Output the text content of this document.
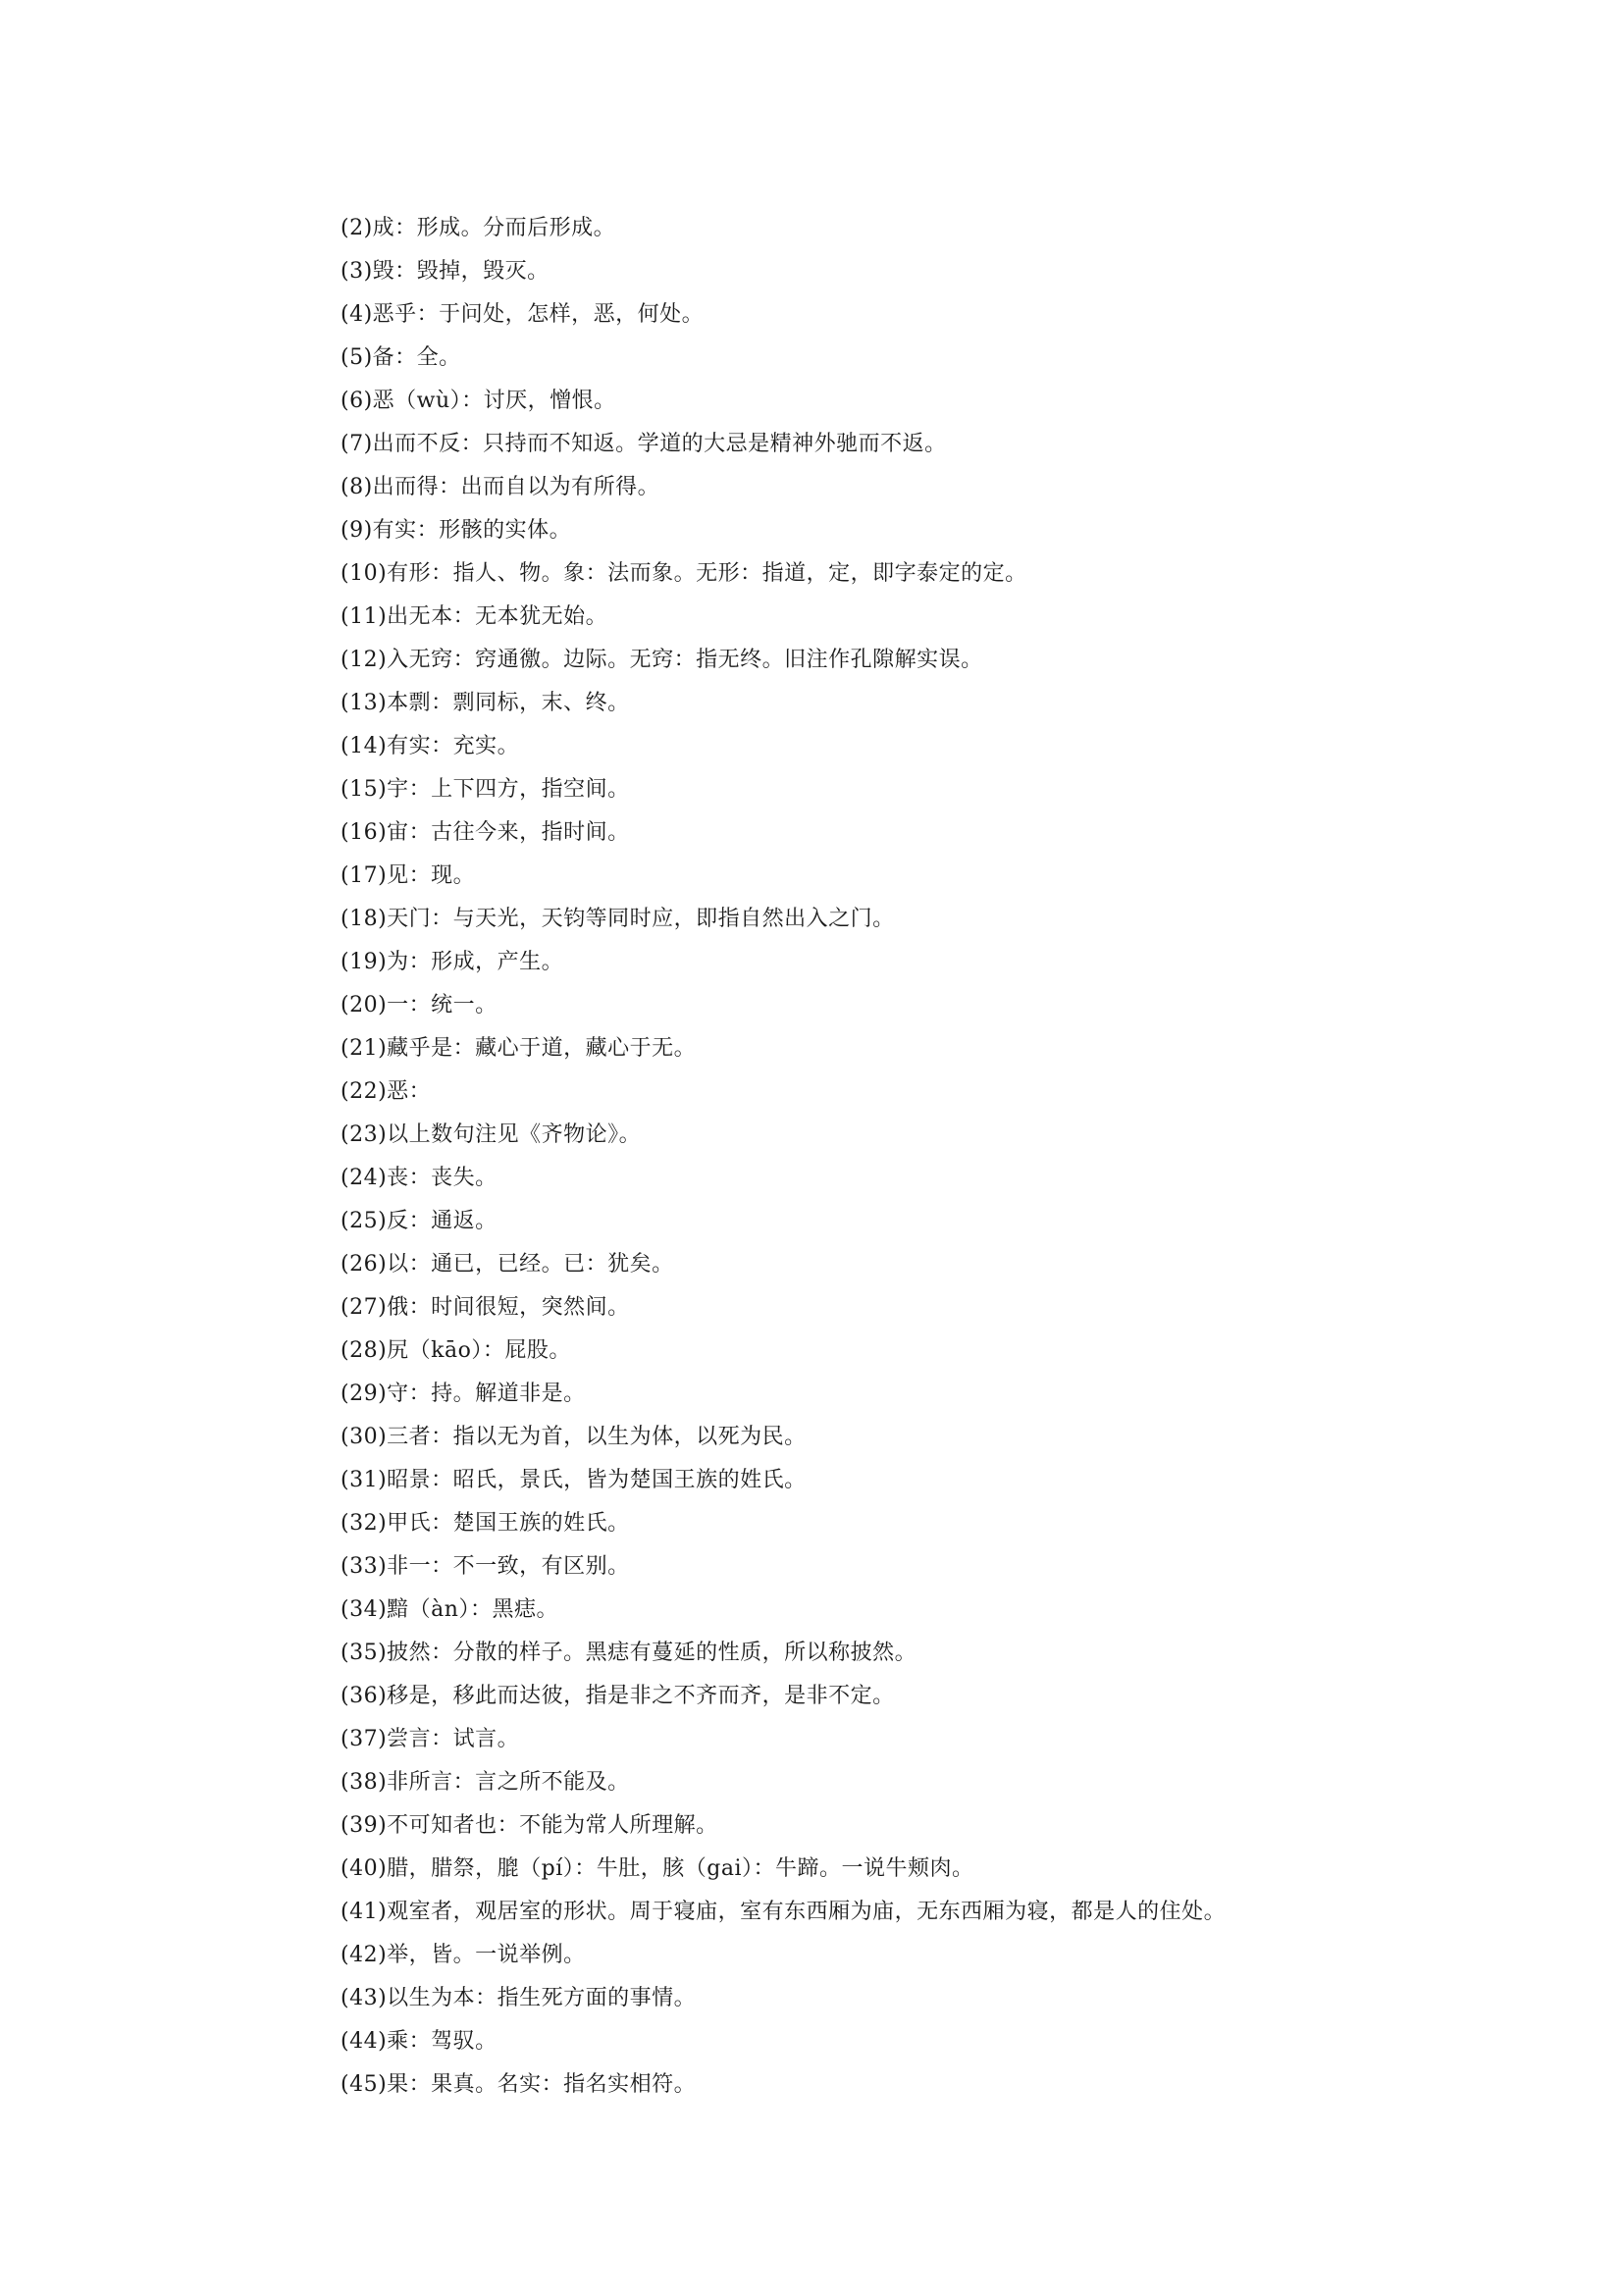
(2)成：形成。分而后形成。
(3)毁：毁掉，毁灭。
(4)恶乎：于问处，怎样，恶，何处。
(5)备：全。
(6)恶（wù）：讨厌，憎恨。
(7)出而不反：只持而不知返。学道的大忌是精神外驰而不返。
(8)出而得：出而自以为有所得。
(9)有实：形骸的实体。
(10)有形：指人、物。象：法而象。无形：指道，定，即字泰定的定。
(11)出无本：无本犹无始。
(12)入无窍：窍通徼。边际。无窍：指无终。旧注作孔隙解实误。
(13)本剽：剽同标，末、终。
(14)有实：充实。
(15)宇：上下四方，指空间。
(16)宙：古往今来，指时间。
(17)见：现。
(18)天门：与天光，天钧等同时应，即指自然出入之门。
(19)为：形成，产生。
(20)一：统一。
(21)藏乎是：藏心于道，藏心于无。
(22)恶：
(23)以上数句注见《齐物论》。
(24)丧：丧失。
(25)反：通返。
(26)以：通已，已经。已：犹矣。
(27)俄：时间很短，突然间。
(28)尻（kāo）：屁股。
(29)守：持。解道非是。
(30)三者：指以无为首，以生为体，以死为民。
(31)昭景：昭氏，景氏，皆为楚国王族的姓氏。
(32)甲氏：楚国王族的姓氏。
(33)非一：不一致，有区别。
(34)黯（àn）：黑痣。
(35)披然：分散的样子。黑痣有蔓延的性质，所以称披然。
(36)移是，移此而达彼，指是非之不齐而齐，是非不定。
(37)尝言：试言。
(38)非所言：言之所不能及。
(39)不可知者也：不能为常人所理解。
(40)腊，腊祭，膍（pí）：牛肚，胲（gai）：牛蹄。一说牛颊肉。
(41)观室者，观居室的形状。周于寝庙，室有东西厢为庙，无东西厢为寝，都是人的住处。
(42)举，皆。一说举例。
(43)以生为本：指生死方面的事情。
(44)乘：驾驭。
(45)果：果真。名实：指名实相符。
